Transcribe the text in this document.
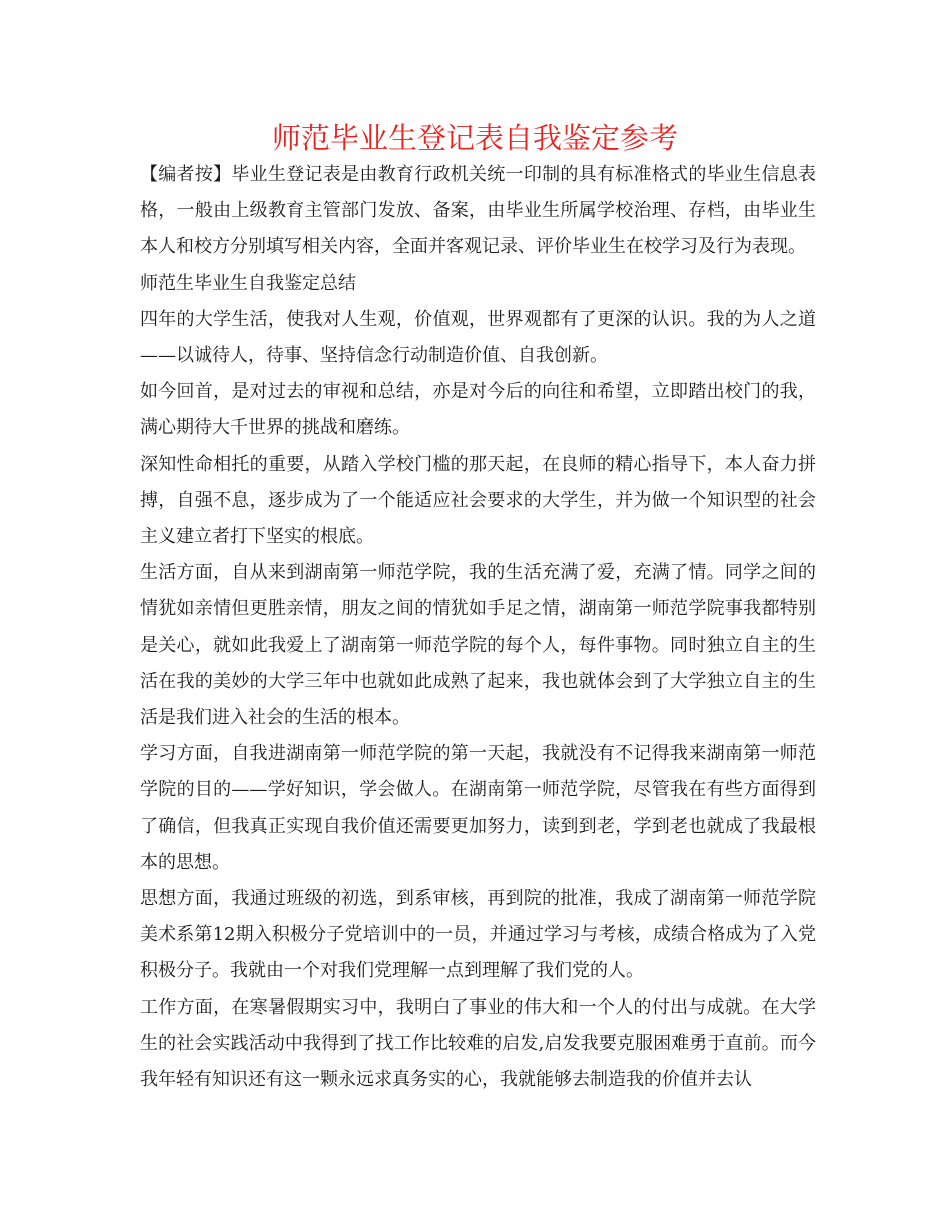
师范毕业生登记表自我鉴定参考

【编者按】毕业生登记表是由教育行政机关统一印制的具有标准格式的毕业生信息表格，一般由上级教育主管部门发放、备案，由毕业生所属学校治理、存档，由毕业生本人和校方分别填写相关内容，全面并客观记录、评价毕业生在校学习及行为表现。

师范生毕业生自我鉴定总结

四年的大学生活，使我对人生观，价值观，世界观都有了更深的认识。我的为人之道——以诚待人，待事、坚持信念行动制造价值、自我创新。

如今回首，是对过去的审视和总结，亦是对今后的向往和希望，立即踏出校门的我，满心期待大千世界的挑战和磨练。

深知性命相托的重要，从踏入学校门槛的那天起，在良师的精心指导下，本人奋力拼搏，自强不息，逐步成为了一个能适应社会要求的大学生，并为做一个知识型的社会主义建立者打下坚实的根底。

生活方面，自从来到湖南第一师范学院，我的生活充满了爱，充满了情。同学之间的情犹如亲情但更胜亲情，朋友之间的情犹如手足之情，湖南第一师范学院事我都特别是关心，就如此我爱上了湖南第一师范学院的每个人，每件事物。同时独立自主的生活在我的美妙的大学三年中也就如此成熟了起来，我也就体会到了大学独立自主的生活是我们进入社会的生活的根本。

学习方面，自我进湖南第一师范学院的第一天起，我就没有不记得我来湖南第一师范学院的目的——学好知识，学会做人。在湖南第一师范学院，尽管我在有些方面得到了确信，但我真正实现自我价值还需要更加努力，读到到老，学到老也就成了我最根本的思想。

思想方面，我通过班级的初选，到系审核，再到院的批准，我成了湖南第一师范学院美术系第12期入积极分子党培训中的一员，并通过学习与考核，成绩合格成为了入党积极分子。我就由一个对我们党理解一点到理解了我们党的人。

工作方面，在寒暑假期实习中，我明白了事业的伟大和一个人的付出与成就。在大学生的社会实践活动中我得到了找工作比较难的启发,启发我要克服困难勇于直前。而今我年轻有知识还有这一颗永远求真务实的心，我就能够去制造我的价值并去认
